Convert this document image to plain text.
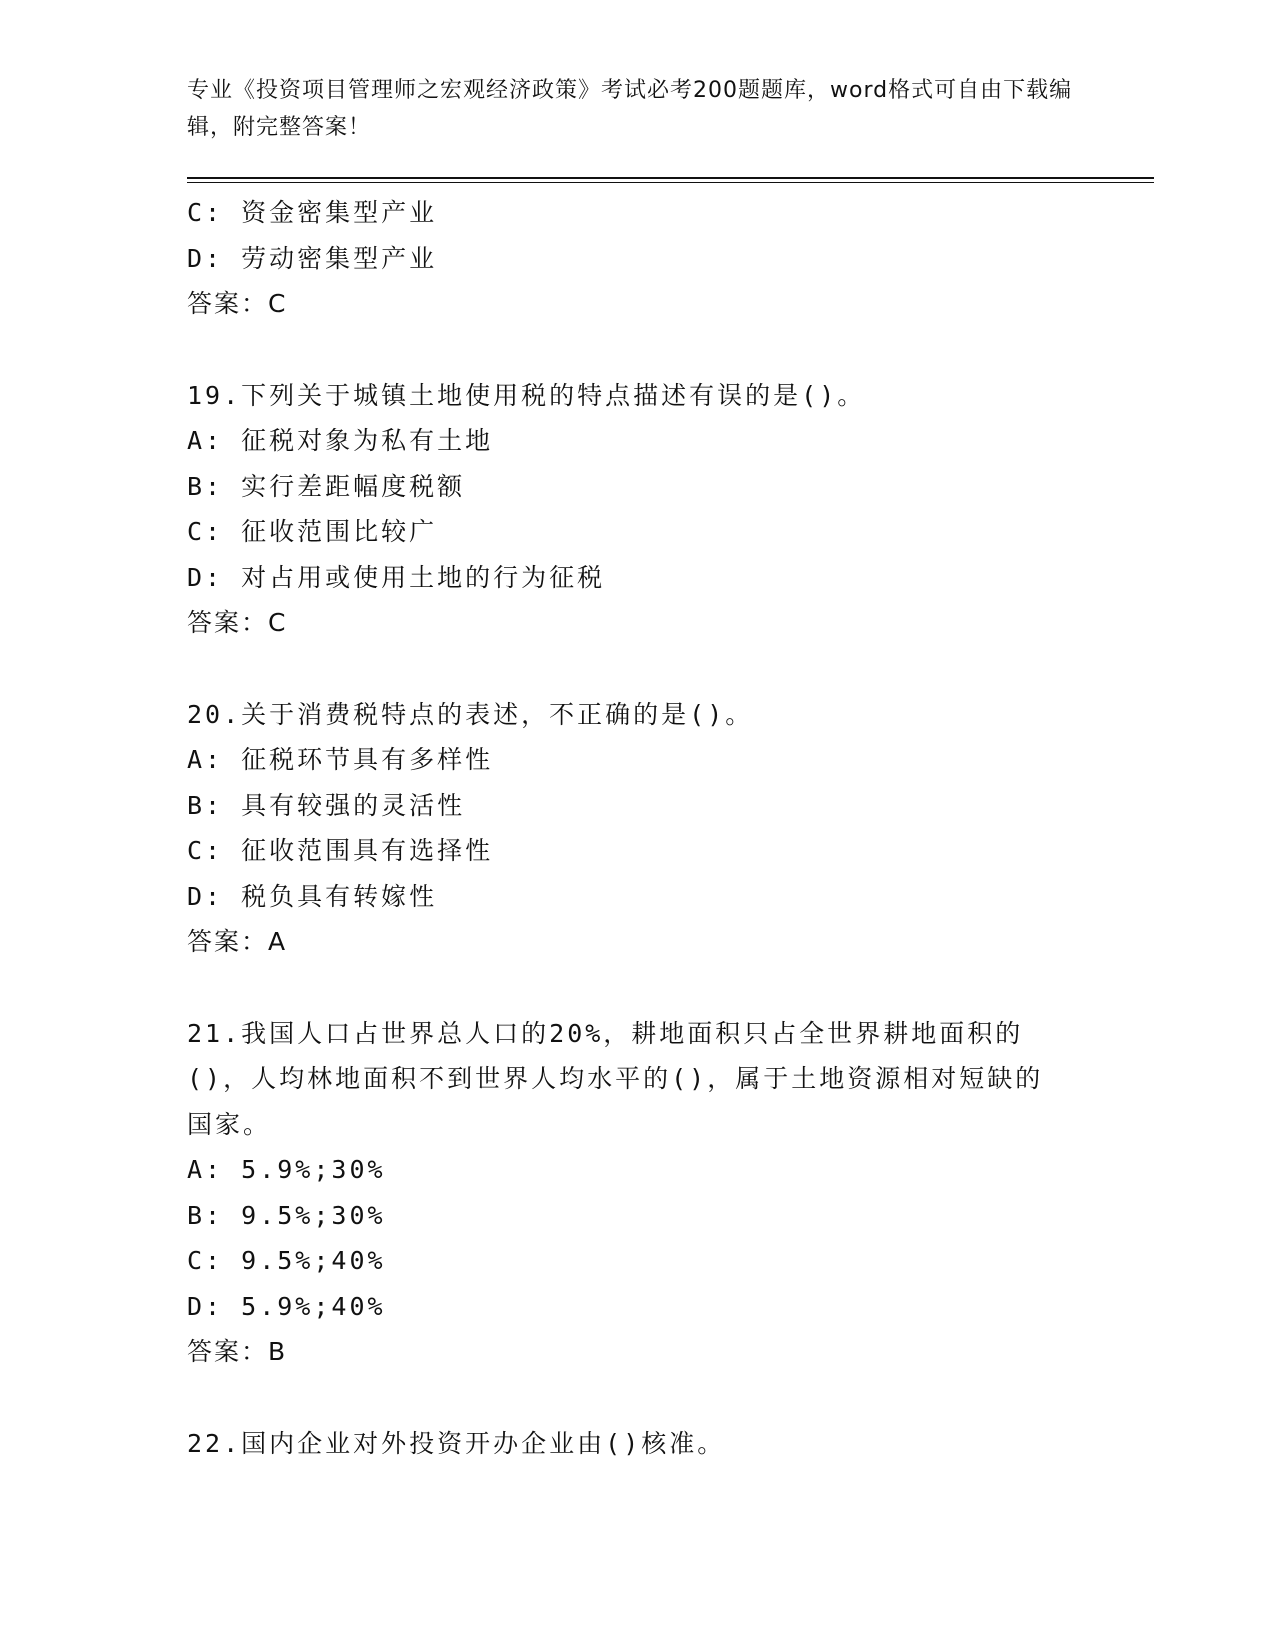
专业《投资项目管理师之宏观经济政策》考试必考200题题库，word格式可自由下载编辑，附完整答案！
C: 资金密集型产业
D: 劳动密集型产业
答案：C
19.下列关于城镇土地使用税的特点描述有误的是()。
A: 征税对象为私有土地
B: 实行差距幅度税额
C: 征收范围比较广
D: 对占用或使用土地的行为征税
答案：C
20.关于消费税特点的表述，不正确的是()。
A: 征税环节具有多样性
B: 具有较强的灵活性
C: 征收范围具有选择性
D: 税负具有转嫁性
答案：A
21.我国人口占世界总人口的20%，耕地面积只占全世界耕地面积的()，人均林地面积不到世界人均水平的()，属于土地资源相对短缺的国家。
A: 5.9%;30%
B: 9.5%;30%
C: 9.5%;40%
D: 5.9%;40%
答案：B
22.国内企业对外投资开办企业由()核准。
